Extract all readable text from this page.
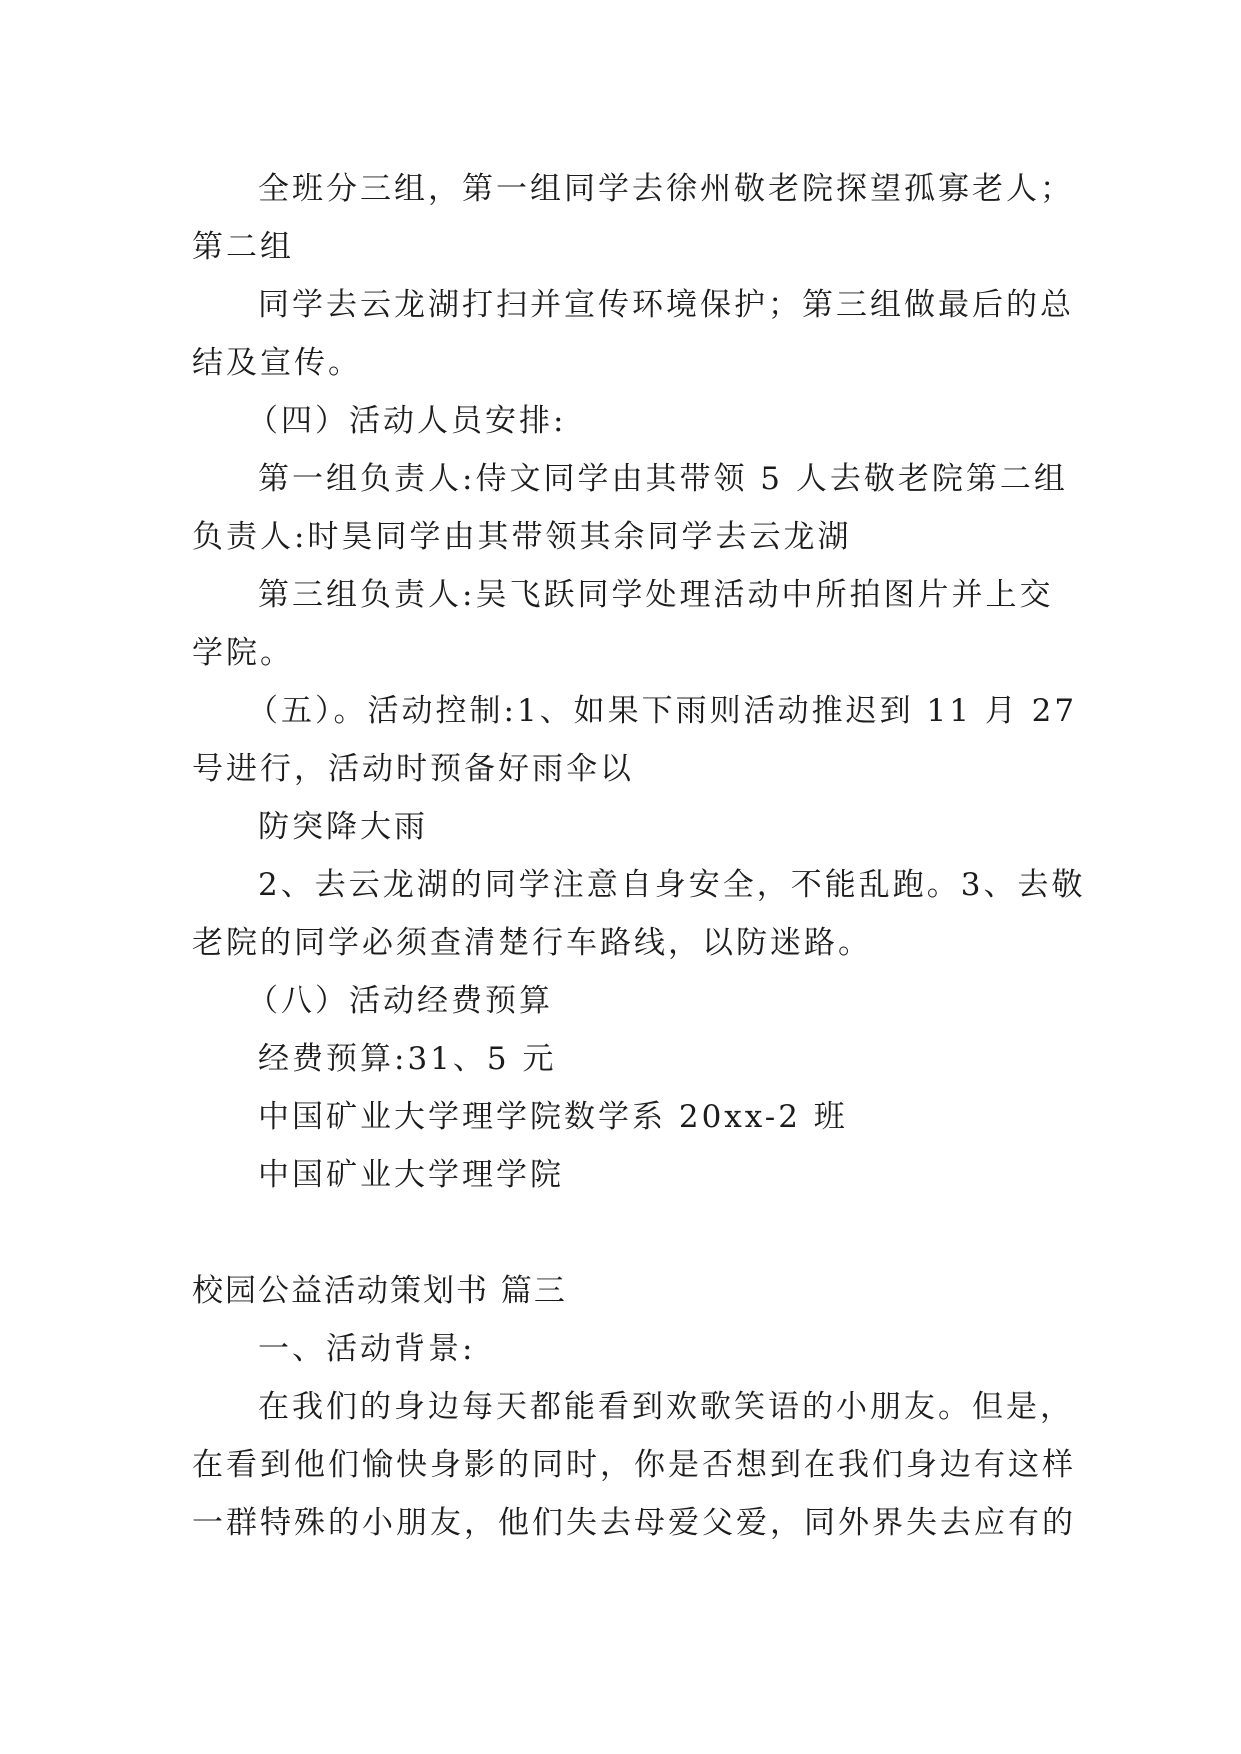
全班分三组，第一组同学去徐州敬老院探望孤寡老人；
第二组
同学去云龙湖打扫并宣传环境保护；第三组做最后的总
结及宣传。
（四）活动人员安排:
第一组负责人:侍文同学由其带领 5 人去敬老院第二组
负责人:时昊同学由其带领其余同学去云龙湖
第三组负责人:吴飞跃同学处理活动中所拍图片并上交
学院。
（五）。活动控制:1、如果下雨则活动推迟到 11 月 27
号进行，活动时预备好雨伞以
防突降大雨
2、去云龙湖的同学注意自身安全，不能乱跑。3、去敬
老院的同学必须查清楚行车路线，以防迷路。
（八）活动经费预算
经费预算:31、5 元
中国矿业大学理学院数学系 20xx-2 班
中国矿业大学理学院
校园公益活动策划书 篇三
一、活动背景:
在我们的身边每天都能看到欢歌笑语的小朋友。但是，
在看到他们愉快身影的同时，你是否想到在我们身边有这样
一群特殊的小朋友，他们失去母爱父爱，同外界失去应有的
